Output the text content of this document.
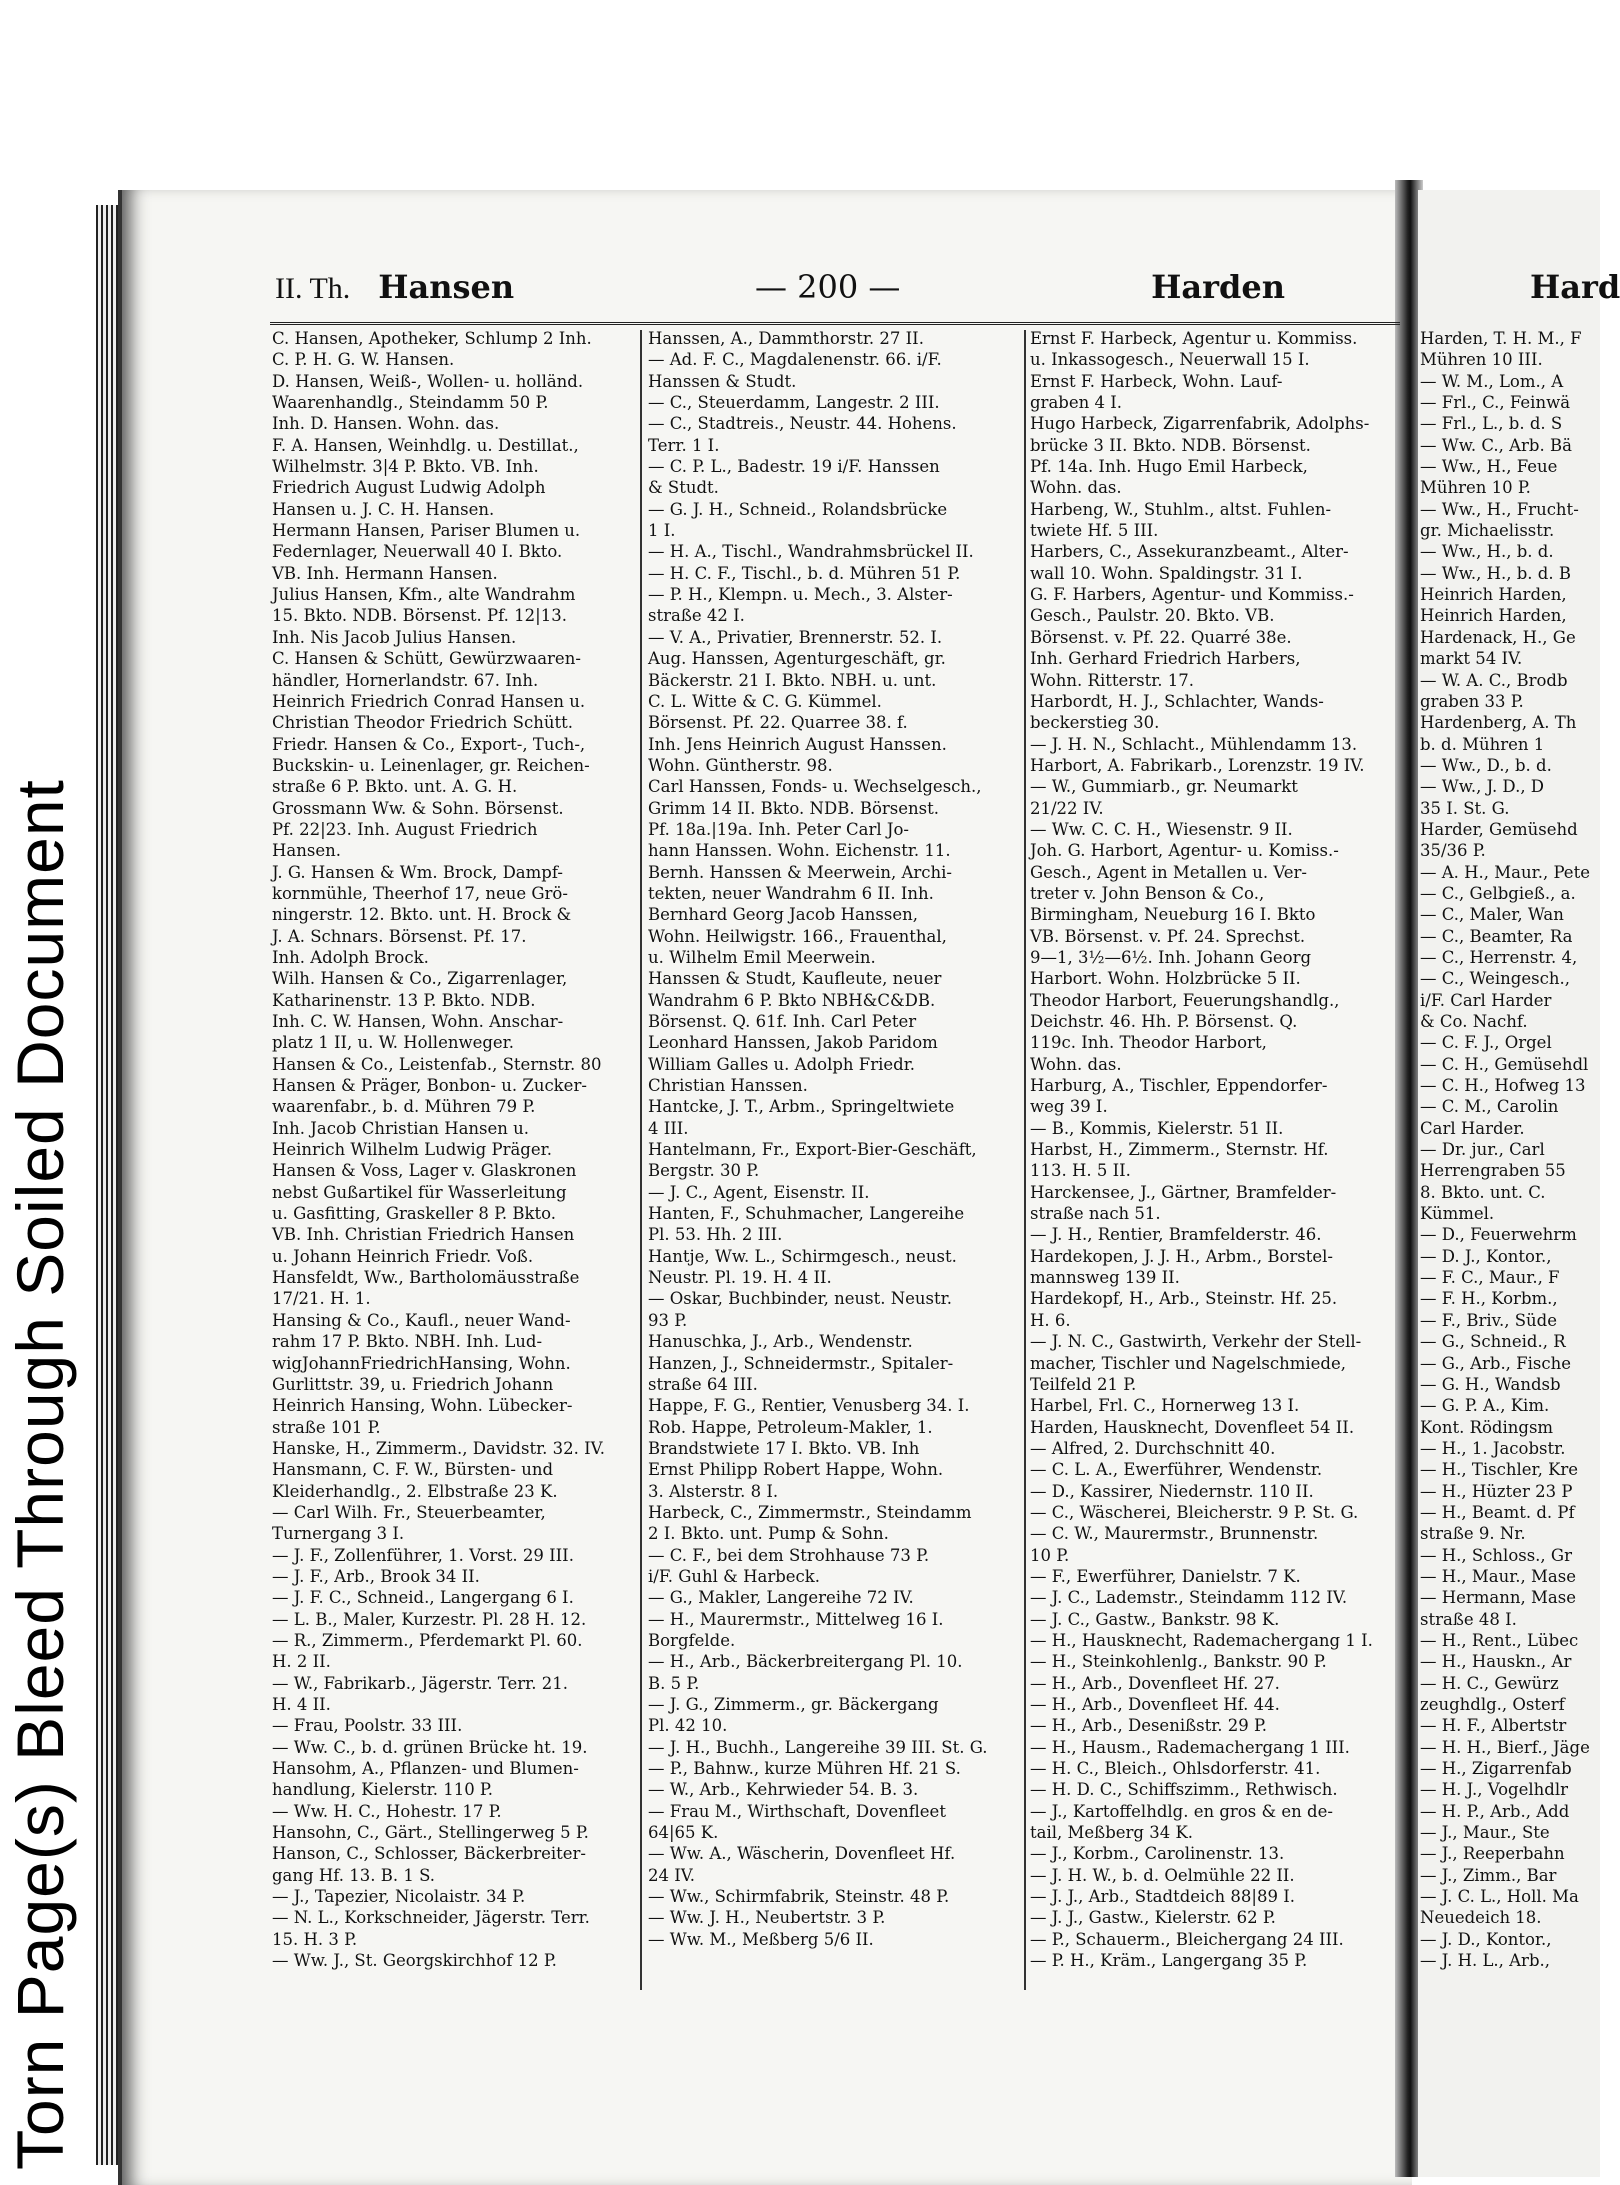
Torn Page(s) Bleed Through Soiled Document
II. Th. Hansen	— 200 —	Harden	Hard
C. Hansen, Apotheker, Schlump 2 Inh.
C. P. H. G. W. Hansen.
D. Hansen, Weiß-, Wollen- u. holländ.
Waarenhandlg., Steindamm 50 P.
Inh. D. Hansen. Wohn. das.
F. A. Hansen, Weinhdlg. u. Destillat.,
Wilhelmstr. 3|4 P. Bkto. VB. Inh.
Friedrich August Ludwig Adolph
Hansen u. J. C. H. Hansen.
Hermann Hansen, Pariser Blumen u.
Federnlager, Neuerwall 40 I. Bkto.
VB. Inh. Hermann Hansen.
Julius Hansen, Kfm., alte Wandrahm
15. Bkto. NDB. Börsenst. Pf. 12|13.
Inh. Nis Jacob Julius Hansen.
C. Hansen & Schütt, Gewürzwaaren-
händler, Hornerlandstr. 67. Inh.
Heinrich Friedrich Conrad Hansen u.
Christian Theodor Friedrich Schütt.
Friedr. Hansen & Co., Export-, Tuch-,
Buckskin- u. Leinenlager, gr. Reichen-
straße 6 P. Bkto. unt. A. G. H.
Grossmann Ww. & Sohn. Börsenst.
Pf. 22|23. Inh. August Friedrich
Hansen.
J. G. Hansen & Wm. Brock, Dampf-
kornmühle, Theerhof 17, neue Grö-
ningerstr. 12. Bkto. unt. H. Brock &
J. A. Schnars. Börsenst. Pf. 17.
Inh. Adolph Brock.
Wilh. Hansen & Co., Zigarrenlager,
Katharinenstr. 13 P. Bkto. NDB.
Inh. C. W. Hansen, Wohn. Anschar-
platz 1 II, u. W. Hollenweger.
Hansen & Co., Leistenfab., Sternstr. 80
Hansen & Präger, Bonbon- u. Zucker-
waarenfabr., b. d. Mühren 79 P.
Inh. Jacob Christian Hansen u.
Heinrich Wilhelm Ludwig Präger.
Hansen & Voss, Lager v. Glaskronen
nebst Gußartikel für Wasserleitung
u. Gasfitting, Graskeller 8 P. Bkto.
VB. Inh. Christian Friedrich Hansen
u. Johann Heinrich Friedr. Voß.
Hansfeldt, Ww., Bartholomäusstraße
17/21. H. 1.
Hansing & Co., Kaufl., neuer Wand-
rahm 17 P. Bkto. NBH. Inh. Lud-
wigJohannFriedrichHansing, Wohn.
Gurlittstr. 39, u. Friedrich Johann
Heinrich Hansing, Wohn. Lübecker-
straße 101 P.
Hanske, H., Zimmerm., Davidstr. 32. IV.
Hansmann, C. F. W., Bürsten- und
Kleiderhandlg., 2. Elbstraße 23 K.
— Carl Wilh. Fr., Steuerbeamter,
Turnergang 3 I.
— J. F., Zollenführer, 1. Vorst. 29 III.
— J. F., Arb., Brook 34 II.
— J. F. C., Schneid., Langergang 6 I.
— L. B., Maler, Kurzestr. Pl. 28 H. 12.
— R., Zimmerm., Pferdemarkt Pl. 60.
H. 2 II.
— W., Fabrikarb., Jägerstr. Terr. 21.
H. 4 II.
— Frau, Poolstr. 33 III.
— Ww. C., b. d. grünen Brücke ht. 19.
Hansohm, A., Pflanzen- und Blumen-
handlung, Kielerstr. 110 P.
— Ww. H. C., Hohestr. 17 P.
Hansohn, C., Gärt., Stellingerweg 5 P.
Hanson, C., Schlosser, Bäckerbreiter-
gang Hf. 13. B. 1 S.
— J., Tapezier, Nicolaistr. 34 P.
— N. L., Korkschneider, Jägerstr. Terr.
15. H. 3 P.
— Ww. J., St. Georgskirchhof 12 P.
Hanssen, A., Dammthorstr. 27 II.
— Ad. F. C., Magdalenenstr. 66. i/F.
Hanssen & Studt.
— C., Steuerdamm, Langestr. 2 III.
— C., Stadtreis., Neustr. 44. Hohens.
Terr. 1 I.
— C. P. L., Badestr. 19 i/F. Hanssen
& Studt.
— G. J. H., Schneid., Rolandsbrücke
1 I.
— H. A., Tischl., Wandrahmsbrückel II.
— H. C. F., Tischl., b. d. Mühren 51 P.
— P. H., Klempn. u. Mech., 3. Alster-
straße 42 I.
— V. A., Privatier, Brennerstr. 52. I.
Aug. Hanssen, Agenturgeschäft, gr.
Bäckerstr. 21 I. Bkto. NBH. u. unt.
C. L. Witte & C. G. Kümmel.
Börsenst. Pf. 22. Quarree 38. f.
Inh. Jens Heinrich August Hanssen.
Wohn. Güntherstr. 98.
Carl Hanssen, Fonds- u. Wechselgesch.,
Grimm 14 II. Bkto. NDB. Börsenst.
Pf. 18a.|19a. Inh. Peter Carl Jo-
hann Hanssen. Wohn. Eichenstr. 11.
Bernh. Hanssen & Meerwein, Archi-
tekten, neuer Wandrahm 6 II. Inh.
Bernhard Georg Jacob Hanssen,
Wohn. Heilwigstr. 166., Frauenthal,
u. Wilhelm Emil Meerwein.
Hanssen & Studt, Kaufleute, neuer
Wandrahm 6 P. Bkto NBH&C&DB.
Börsenst. Q. 61f. Inh. Carl Peter
Leonhard Hanssen, Jakob Paridom
William Galles u. Adolph Friedr.
Christian Hanssen.
Hantcke, J. T., Arbm., Springeltwiete
4 III.
Hantelmann, Fr., Export-Bier-Geschäft,
Bergstr. 30 P.
— J. C., Agent, Eisenstr. II.
Hanten, F., Schuhmacher, Langereihe
Pl. 53. Hh. 2 III.
Hantje, Ww. L., Schirmgesch., neust.
Neustr. Pl. 19. H. 4 II.
— Oskar, Buchbinder, neust. Neustr.
93 P.
Hanuschka, J., Arb., Wendenstr.
Hanzen, J., Schneidermstr., Spitaler-
straße 64 III.
Happe, F. G., Rentier, Venusberg 34. I.
Rob. Happe, Petroleum-Makler, 1.
Brandstwiete 17 I. Bkto. VB. Inh
Ernst Philipp Robert Happe, Wohn.
3. Alsterstr. 8 I.
Harbeck, C., Zimmermstr., Steindamm
2 I. Bkto. unt. Pump & Sohn.
— C. F., bei dem Strohhause 73 P.
i/F. Guhl & Harbeck.
— G., Makler, Langereihe 72 IV.
— H., Maurermstr., Mittelweg 16 I.
Borgfelde.
— H., Arb., Bäckerbreitergang Pl. 10.
B. 5 P.
— J. G., Zimmerm., gr. Bäckergang
Pl. 42 10.
— J. H., Buchh., Langereihe 39 III. St. G.
— P., Bahnw., kurze Mühren Hf. 21 S.
— W., Arb., Kehrwieder 54. B. 3.
— Frau M., Wirthschaft, Dovenfleet
64|65 K.
— Ww. A., Wäscherin, Dovenfleet Hf.
24 IV.
— Ww., Schirmfabrik, Steinstr. 48 P.
— Ww. J. H., Neubertstr. 3 P.
— Ww. M., Meßberg 5/6 II.
Ernst F. Harbeck, Agentur u. Kommiss.
u. Inkassogesch., Neuerwall 15 I.
Ernst F. Harbeck, Wohn. Lauf-
graben 4 I.
Hugo Harbeck, Zigarrenfabrik, Adolphs-
brücke 3 II. Bkto. NDB. Börsenst.
Pf. 14a. Inh. Hugo Emil Harbeck,
Wohn. das.
Harbeng, W., Stuhlm., altst. Fuhlen-
twiete Hf. 5 III.
Harbers, C., Assekuranzbeamt., Alter-
wall 10. Wohn. Spaldingstr. 31 I.
G. F. Harbers, Agentur- und Kommiss.-
Gesch., Paulstr. 20. Bkto. VB.
Börsenst. v. Pf. 22. Quarré 38e.
Inh. Gerhard Friedrich Harbers,
Wohn. Ritterstr. 17.
Harbordt, H. J., Schlachter, Wands-
beckerstieg 30.
— J. H. N., Schlacht., Mühlendamm 13.
Harbort, A. Fabrikarb., Lorenzstr. 19 IV.
— W., Gummiarb., gr. Neumarkt
21/22 IV.
— Ww. C. C. H., Wiesenstr. 9 II.
Joh. G. Harbort, Agentur- u. Komiss.-
Gesch., Agent in Metallen u. Ver-
treter v. John Benson & Co.,
Birmingham, Neueburg 16 I. Bkto
VB. Börsenst. v. Pf. 24. Sprechst.
9—1, 3½—6½. Inh. Johann Georg
Harbort. Wohn. Holzbrücke 5 II.
Theodor Harbort, Feuerungshandlg.,
Deichstr. 46. Hh. P. Börsenst. Q.
119c. Inh. Theodor Harbort,
Wohn. das.
Harburg, A., Tischler, Eppendorfer-
weg 39 I.
— B., Kommis, Kielerstr. 51 II.
Harbst, H., Zimmerm., Sternstr. Hf.
113. H. 5 II.
Harckensee, J., Gärtner, Bramfelder-
straße nach 51.
— J. H., Rentier, Bramfelderstr. 46.
Hardekopen, J. J. H., Arbm., Borstel-
mannsweg 139 II.
Hardekopf, H., Arb., Steinstr. Hf. 25.
H. 6.
— J. N. C., Gastwirth, Verkehr der Stell-
macher, Tischler und Nagelschmiede,
Teilfeld 21 P.
Harbel, Frl. C., Hornerweg 13 I.
Harden, Hausknecht, Dovenfleet 54 II.
— Alfred, 2. Durchschnitt 40.
— C. L. A., Ewerführer, Wendenstr.
— D., Kassirer, Niedernstr. 110 II.
— C., Wäscherei, Bleicherstr. 9 P. St. G.
— C. W., Maurermstr., Brunnenstr.
10 P.
— F., Ewerführer, Danielstr. 7 K.
— J. C., Lademstr., Steindamm 112 IV.
— J. C., Gastw., Bankstr. 98 K.
— H., Hausknecht, Rademachergang 1 I.
— H., Steinkohlenlg., Bankstr. 90 P.
— H., Arb., Dovenfleet Hf. 27.
— H., Arb., Dovenfleet Hf. 44.
— H., Arb., Desenißstr. 29 P.
— H., Hausm., Rademachergang 1 III.
— H. C., Bleich., Ohlsdorferstr. 41.
— H. D. C., Schiffszimm., Rethwisch.
— J., Kartoffelhdlg. en gros & en de-
tail, Meßberg 34 K.
— J., Korbm., Carolinenstr. 13.
— J. H. W., b. d. Oelmühle 22 II.
— J. J., Arb., Stadtdeich 88|89 I.
— J. J., Gastw., Kielerstr. 62 P.
— P., Schauerm., Bleichergang 24 III.
— P. H., Kräm., Langergang 35 P.
Harden, T. H. M., F
Mühren 10 III.
— W. M., Lom., A
— Frl., C., Feinwä
— Frl., L., b. d. S
— Ww. C., Arb. Bä
— Ww., H., Feue
Mühren 10 P.
— Ww., H., Frucht-
gr. Michaelisstr.
— Ww., H., b. d.
— Ww., H., b. d. B
Heinrich Harden,
Heinrich Harden,
Hardenack, H., Ge
markt 54 IV.
— W. A. C., Brodb
graben 33 P.
Hardenberg, A. Th
b. d. Mühren 1
— Ww., D., b. d.
— Ww., J. D., D
35 I. St. G.
Harder, Gemüsehd
35/36 P.
— A. H., Maur., Pete
— C., Gelbgieß., a.
— C., Maler, Wan
— C., Beamter, Ra
— C., Herrenstr. 4,
— C., Weingesch.,
i/F. Carl Harder
& Co. Nachf.
— C. F. J., Orgel
— C. H., Gemüsehdl
— C. H., Hofweg 13
— C. M., Carolin
Carl Harder.
— Dr. jur., Carl
Herrengraben 55
8. Bkto. unt. C.
Kümmel.
— D., Feuerwehrm
— D. J., Kontor.,
— F. C., Maur., F
— F. H., Korbm.,
— F., Briv., Süde
— G., Schneid., R
— G., Arb., Fische
— G. H., Wandsb
— G. P. A., Kim.
Kont. Rödingsm
— H., 1. Jacobstr.
— H., Tischler, Kre
— H., Hüzter 23 P
— H., Beamt. d. Pf
straße 9. Nr.
— H., Schloss., Gr
— H., Maur., Mase
— Hermann, Mase
straße 48 I.
— H., Rent., Lübec
— H., Hauskn., Ar
— H. C., Gewürz
zeughdlg., Osterf
— H. F., Albertstr
— H. H., Bierf., Jäge
— H., Zigarrenfab
— H. J., Vogelhdlr
— H. P., Arb., Add
— J., Maur., Ste
— J., Reeperbahn
— J., Zimm., Bar
— J. C. L., Holl. Ma
Neuedeich 18.
— J. D., Kontor.,
— J. H. L., Arb.,
